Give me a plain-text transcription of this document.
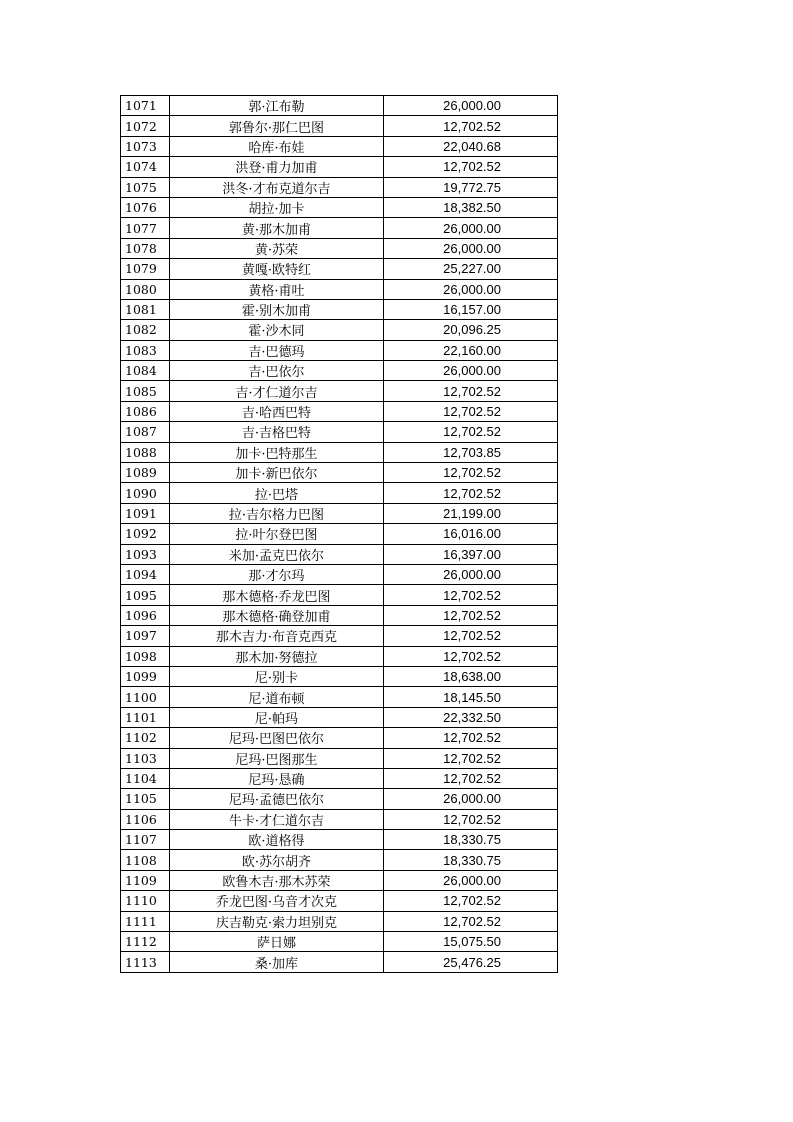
1071	郭·江布勒	26,000.00
1072	郭鲁尔·那仁巴图	12,702.52
1073	哈库·布娃	22,040.68
1074	洪登·甫力加甫	12,702.52
1075	洪冬·才布克道尔吉	19,772.75
1076	胡拉·加卡	18,382.50
1077	黄·那木加甫	26,000.00
1078	黄·苏荣	26,000.00
1079	黄嘎·欧特红	25,227.00
1080	黄格·甫吐	26,000.00
1081	霍·别木加甫	16,157.00
1082	霍·沙木同	20,096.25
1083	吉·巴德玛	22,160.00
1084	吉·巴依尔	26,000.00
1085	吉·才仁道尔吉	12,702.52
1086	吉·哈西巴特	12,702.52
1087	吉·吉格巴特	12,702.52
1088	加卡·巴特那生	12,703.85
1089	加卡·新巴依尔	12,702.52
1090	拉·巴塔	12,702.52
1091	拉·吉尔格力巴图	21,199.00
1092	拉·叶尔登巴图	16,016.00
1093	米加·孟克巴依尔	16,397.00
1094	那·才尔玛	26,000.00
1095	那木德格·乔龙巴图	12,702.52
1096	那木德格·确登加甫	12,702.52
1097	那木吉力·布音克西克	12,702.52
1098	那木加·努德拉	12,702.52
1099	尼·别卡	18,638.00
1100	尼·道布顿	18,145.50
1101	尼·帕玛	22,332.50
1102	尼玛·巴图巴依尔	12,702.52
1103	尼玛·巴图那生	12,702.52
1104	尼玛·恳确	12,702.52
1105	尼玛·孟德巴依尔	26,000.00
1106	牛卡·才仁道尔吉	12,702.52
1107	欧·道格得	18,330.75
1108	欧·苏尔胡齐	18,330.75
1109	欧鲁木吉·那木苏荣	26,000.00
1110	乔龙巴图·乌音才次克	12,702.52
1111	庆吉勒克·索力坦别克	12,702.52
1112	萨日娜	15,075.50
1113	桑·加库	25,476.25
